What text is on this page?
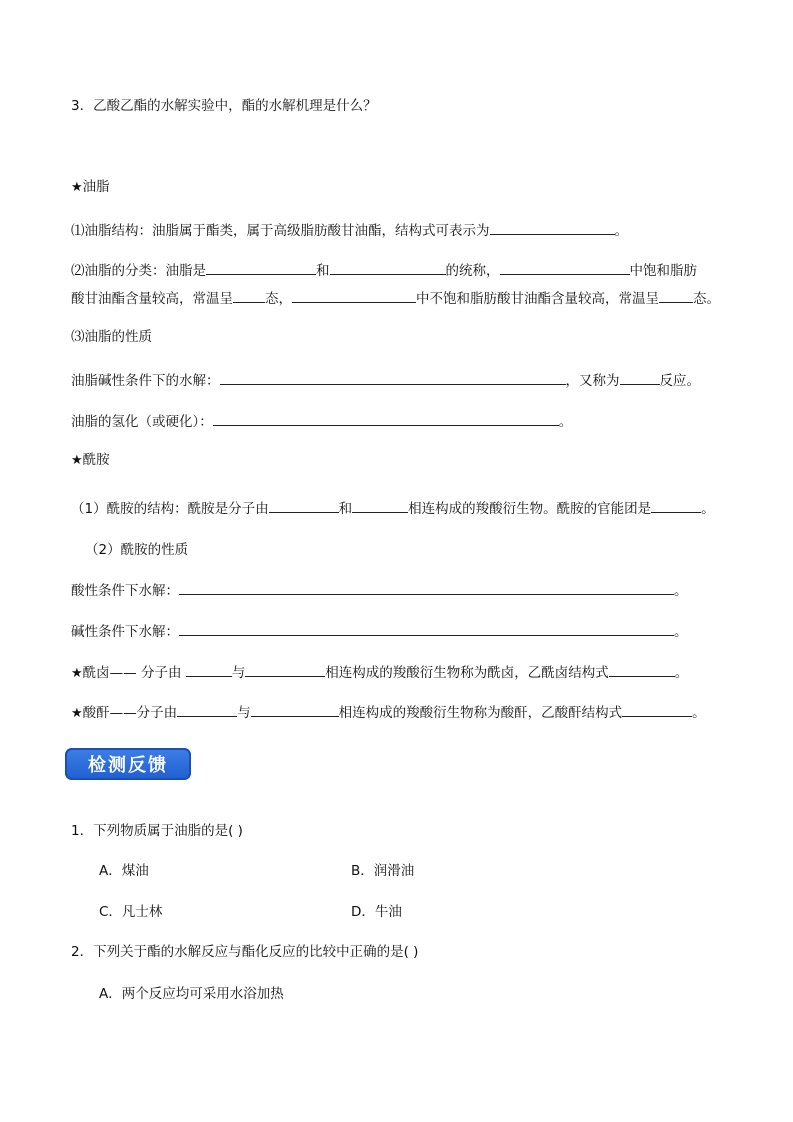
3．乙酸乙酯的水解实验中，酯的水解机理是什么？
★油脂
⑴油脂结构：油脂属于酯类，属于高级脂肪酸甘油酯，结构式可表示为	。
⑵油脂的分类：油脂是	和	的统称，	中饱和脂肪
酸甘油酯含量较高，常温呈 态，	中不饱和脂肪酸甘油酯含量较高，常温呈	态。
⑶油脂的性质
油脂碱性条件下的水解：	，又称为	反应。
油脂的氢化（或硬化）：	。
★酰胺
（1）酰胺的结构：酰胺是分子由	和	相连构成的羧酸衍生物。酰胺的官能团是	。
（2）酰胺的性质
酸性条件下水解：	。
碱性条件下水解：	。
★酰卤—— 分子由	与	相连构成的羧酸衍生物称为酰卤，乙酰卤结构式	。
★酸酐——分子由	与	相连构成的羧酸衍生物称为酸酐，乙酸酐结构式	。
检测反馈
1．下列物质属于油脂的是( )
A．煤油	B．润滑油
C．凡士林	D．牛油
2．下列关于酯的水解反应与酯化反应的比较中正确的是( )
A．两个反应均可采用水浴加热
